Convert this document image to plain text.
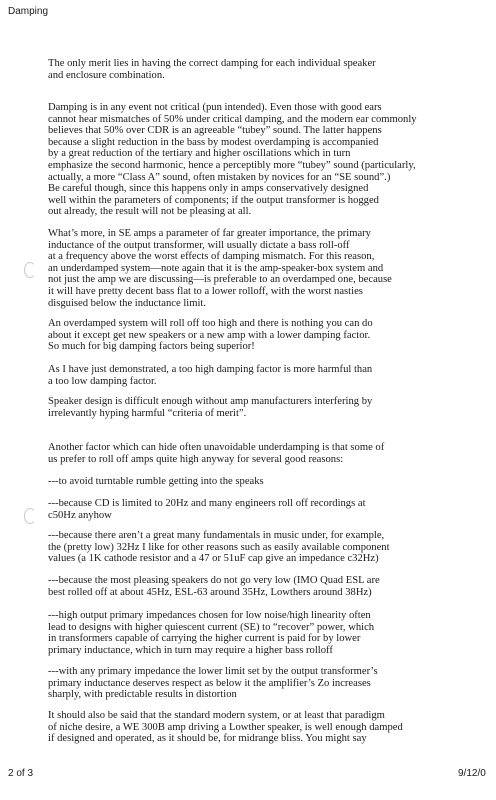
Damping
The only merit lies in having the correct damping for each individual speaker
and enclosure combination.
Damping is in any event not critical (pun intended). Even those with good ears
cannot hear mismatches of 50% under critical damping, and the modern ear commonly
believes that 50% over CDR is an agreeable “tubey” sound. The latter happens
because a slight reduction in the bass by modest overdamping is accompanied
by a great reduction of the tertiary and higher oscillations which in turn
emphasize the second harmonic, hence a perceptibly more “tubey” sound (particularly,
actually, a more “Class A” sound, often mistaken by novices for an “SE sound”.)
Be careful though, since this happens only in amps conservatively designed
well within the parameters of components; if the output transformer is hogged
out already, the result will not be pleasing at all.
What’s more, in SE amps a parameter of far greater importance, the primary
inductance of the output transformer, will usually dictate a bass roll-off
at a frequency above the worst effects of damping mismatch. For this reason,
an underdamped system—note again that it is the amp-speaker-box system and
not just the amp we are discussing—is preferable to an overdamped one, because
it will have pretty decent bass flat to a lower rolloff, with the worst nasties
disguised below the inductance limit.
An overdamped system will roll off too high and there is nothing you can do
about it except get new speakers or a new amp with a lower damping factor.
So much for big damping factors being superior!
As I have just demonstrated, a too high damping factor is more harmful than
a too low damping factor.
Speaker design is difficult enough without amp manufacturers interfering by
irrelevantly hyping harmful “criteria of merit”.
Another factor which can hide often unavoidable underdamping is that some of
us prefer to roll off amps quite high anyway for several good reasons:
---to avoid turntable rumble getting into the speaks
---because CD is limited to 20Hz and many engineers roll off recordings at
c50Hz anyhow
---because there aren’t a great many fundamentals in music under, for example,
the (pretty low) 32Hz I like for other reasons such as easily available component
values (a 1K cathode resistor and a 47 or 51uF cap give an impedance c32Hz)
---because the most pleasing speakers do not go very low (IMO Quad ESL are
best rolled off at about 45Hz, ESL-63 around 35Hz, Lowthers around 38Hz)
---high output primary impedances chosen for low noise/high linearity often
lead to designs with higher quiescent current (SE) to “recover” power, which
in transformers capable of carrying the higher current is paid for by lower
primary inductance, which in turn may require a higher bass rolloff
---with any primary impedance the lower limit set by the output transformer’s
primary inductance deserves respect as below it the amplifier’s Zo increases
sharply, with predictable results in distortion
It should also be said that the standard modern system, or at least that paradigm
of niche desire, a WE 300B amp driving a Lowther speaker, is well enough damped
if designed and operated, as it should be, for midrange bliss. You might say
2 of 3	9/12/0
